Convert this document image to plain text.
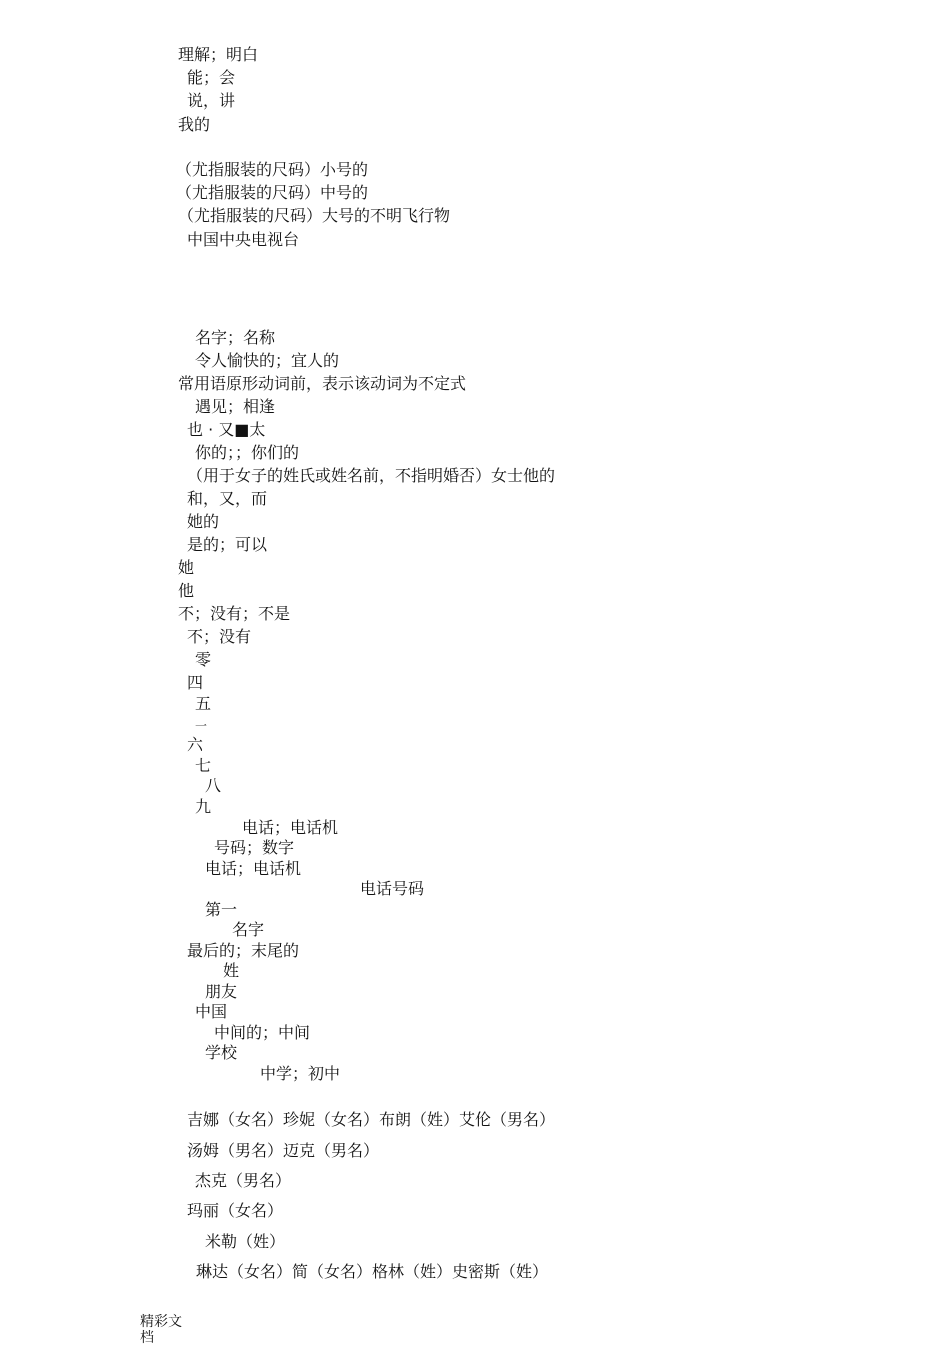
理解；明白
能；会
说，讲
我的
（尤指服装的尺码）小号的
（尤指服装的尺码）中号的
（尤指服装的尺码）大号的不明飞行物
中国中央电视台
名字；名称
令人愉快的；宜人的
常用语原形动词前，表示该动词为不定式
遇见；相逢
也 · 又■太
你的；；你们的
（用于女子的姓氏或姓名前，不指明婚否）女士他的
和，又，而
她的
是的；可以
她
他
不；没有；不是
不；没有
零
四
五
一
六
七
八
九
电话；电话机
号码；数字
电话；电话机
电话号码
第一
名字
最后的；末尾的
姓
朋友
中国
中间的；中间
学校
中学；初中
吉娜（女名）珍妮（女名）布朗（姓）艾伦（男名）
汤姆（男名）迈克（男名）
杰克（男名）
玛丽（女名）
米勒（姓）
琳达（女名）简（女名）格林（姓）史密斯（姓）
精彩文档
